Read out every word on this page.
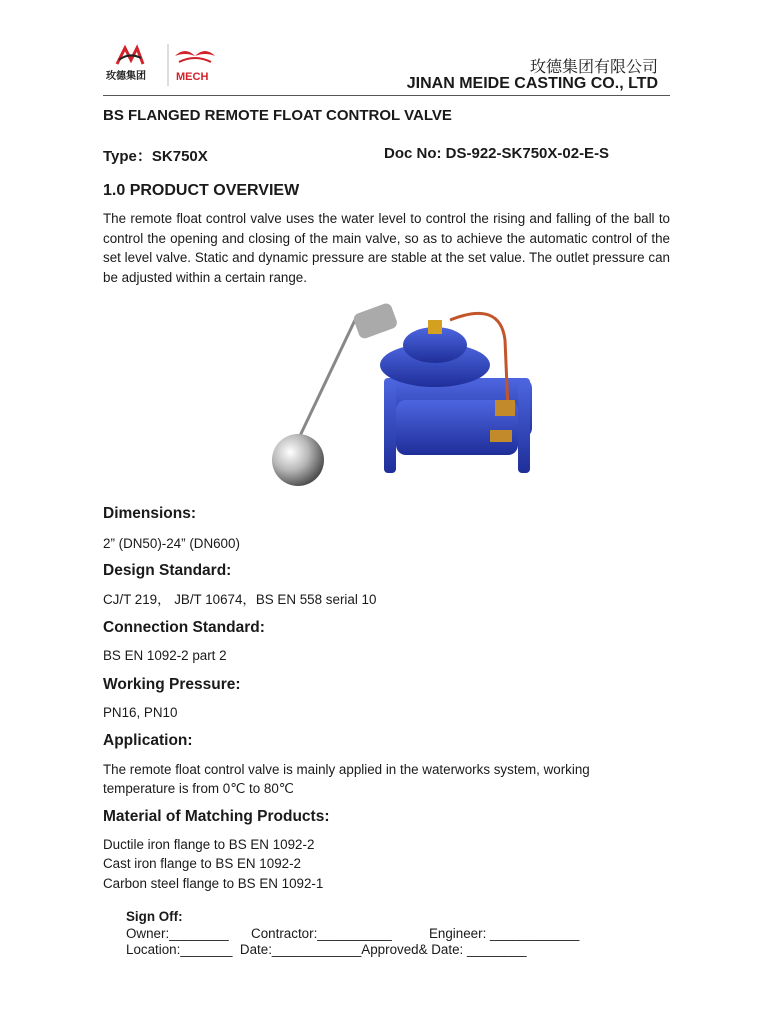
玫德集团	MECH
玫德集团有限公司
JINAN MEIDE CASTING CO., LTD
BS FLANGED REMOTE FLOAT CONTROL VALVE
Type：SK750X	Doc No: DS-922-SK750X-02-E-S
1.0 PRODUCT OVERVIEW
The remote float control valve uses the water level to control the rising and falling of the ball to control the opening and closing of the main valve, so as to achieve the automatic control of the set level valve. Static and dynamic pressure are stable at the set value. The outlet pressure can be adjusted within a certain range.
Dimensions:
2” (DN50)-24” (DN600)
Design Standard:
CJ/T 219， JB/T 10674，BS EN 558 serial 10
Connection Standard:
BS EN 1092-2 part 2
Working Pressure:
PN16, PN10
Application:
The remote float control valve is mainly applied in the waterworks system, working
temperature is from 0℃ to 80℃
Material of Matching Products:
Ductile iron flange to BS EN 1092-2
Cast iron flange to BS EN 1092-2
Carbon steel flange to BS EN 1092-1
Sign Off:
Owner:________      Contractor:__________          Engineer: ____________
Location:_______  Date:____________Approved& Date: ________
